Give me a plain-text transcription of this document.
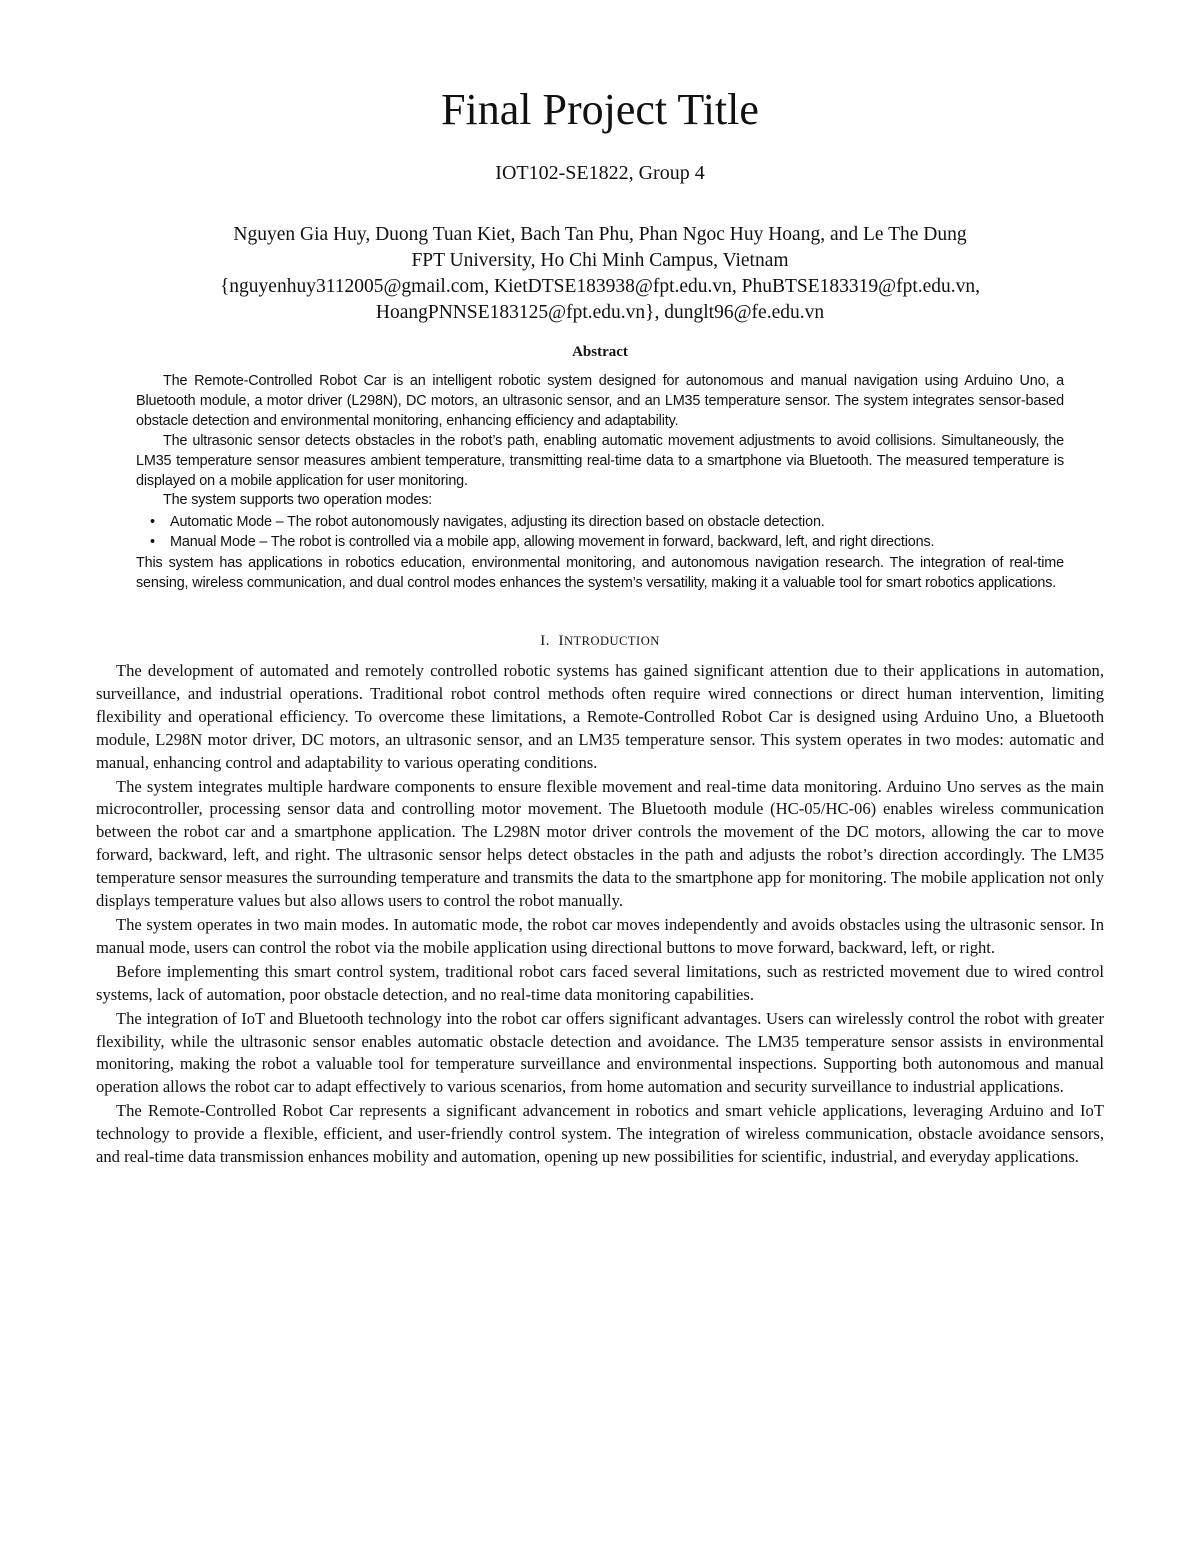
Final Project Title
IOT102-SE1822, Group 4
Nguyen Gia Huy, Duong Tuan Kiet, Bach Tan Phu, Phan Ngoc Huy Hoang, and Le The Dung
FPT University, Ho Chi Minh Campus, Vietnam
{nguyenhuy3112005@gmail.com, KietDTSE183938@fpt.edu.vn, PhuBTSE183319@fpt.edu.vn,
HoangPNNSE183125@fpt.edu.vn}, dunglt96@fe.edu.vn
Abstract

The Remote-Controlled Robot Car is an intelligent robotic system designed for autonomous and manual navigation using Arduino Uno, a Bluetooth module, a motor driver (L298N), DC motors, an ultrasonic sensor, and an LM35 temperature sensor. The system integrates sensor-based obstacle detection and environmental monitoring, enhancing efficiency and adaptability.

The ultrasonic sensor detects obstacles in the robot’s path, enabling automatic movement adjustments to avoid collisions. Simultaneously, the LM35 temperature sensor measures ambient temperature, transmitting real-time data to a smartphone via Bluetooth. The measured temperature is displayed on a mobile application for user monitoring.

The system supports two operation modes:

• Automatic Mode – The robot autonomously navigates, adjusting its direction based on obstacle detection.
• Manual Mode – The robot is controlled via a mobile app, allowing movement in forward, backward, left, and right directions.

This system has applications in robotics education, environmental monitoring, and autonomous navigation research. The integration of real-time sensing, wireless communication, and dual control modes enhances the system’s versatility, making it a valuable tool for smart robotics applications.

I. INTRODUCTION

The development of automated and remotely controlled robotic systems has gained significant attention due to their applications in automation, surveillance, and industrial operations. Traditional robot control methods often require wired connections or direct human intervention, limiting flexibility and operational efficiency. To overcome these limitations, a Remote-Controlled Robot Car is designed using Arduino Uno, a Bluetooth module, L298N motor driver, DC motors, an ultrasonic sensor, and an LM35 temperature sensor. This system operates in two modes: automatic and manual, enhancing control and adaptability to various operating conditions.

The system integrates multiple hardware components to ensure flexible movement and real-time data monitoring. Arduino Uno serves as the main microcontroller, processing sensor data and controlling motor movement. The Bluetooth module (HC-05/HC-06) enables wireless communication between the robot car and a smartphone application. The L298N motor driver controls the movement of the DC motors, allowing the car to move forward, backward, left, and right. The ultrasonic sensor helps detect obstacles in the path and adjusts the robot’s direction accordingly. The LM35 temperature sensor measures the surrounding temperature and transmits the data to the smartphone app for monitoring. The mobile application not only displays temperature values but also allows users to control the robot manually.

The system operates in two main modes. In automatic mode, the robot car moves independently and avoids obstacles using the ultrasonic sensor. In manual mode, users can control the robot via the mobile application using directional buttons to move forward, backward, left, or right.

Before implementing this smart control system, traditional robot cars faced several limitations, such as restricted movement due to wired control systems, lack of automation, poor obstacle detection, and no real-time data monitoring capabilities.

The integration of IoT and Bluetooth technology into the robot car offers significant advantages. Users can wirelessly control the robot with greater flexibility, while the ultrasonic sensor enables automatic obstacle detection and avoidance. The LM35 temperature sensor assists in environmental monitoring, making the robot a valuable tool for temperature surveillance and environmental inspections. Supporting both autonomous and manual operation allows the robot car to adapt effectively to various scenarios, from home automation and security surveillance to industrial applications.

The Remote-Controlled Robot Car represents a significant advancement in robotics and smart vehicle applications, leveraging Arduino and IoT technology to provide a flexible, efficient, and user-friendly control system. The integration of wireless communication, obstacle avoidance sensors, and real-time data transmission enhances mobility and automation, opening up new possibilities for scientific, industrial, and everyday applications.
